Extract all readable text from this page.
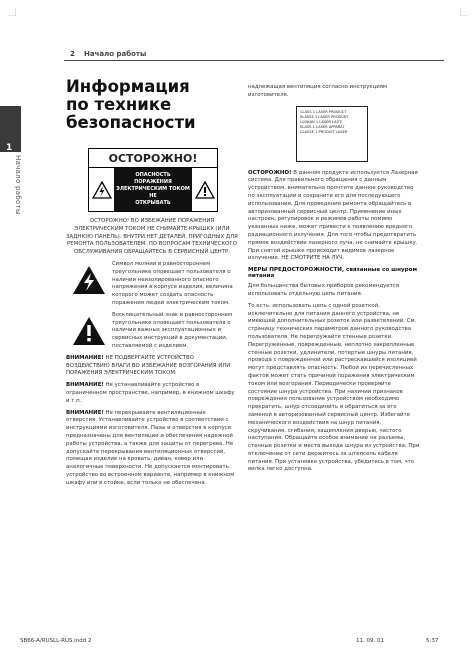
2 Начало работы
1
Начало работы
Информация
по технике
безопасности
ОСТОРОЖНО!
ОПАСНОСТЬ ПОРАЖЕНИЯ
ЭЛЕКТРИЧЕСКИМ ТОКОМ НЕ
ОТКРЫВАТЬ

ОСТОРОЖНО! ВО ИЗБЕЖАНИЕ ПОРАЖЕНИЯ ЭЛЕКТРИЧЕСКИМ ТОКОМ НЕ СНИМАЙТЕ КРЫШКУ (ИЛИ ЗАДНЮЮ ПАНЕЛЬ). ВНУТРИ НЕТ ДЕТАЛЕЙ, ПРИГОДНЫХ ДЛЯ РЕМОНТА ПОЛЬЗОВАТЕЛЕМ. ПО ВОПРОСАМ ТЕХНИЧЕСКОГО ОБСЛУЖИВАНИЯ ОБРАЩАЙТЕСЬ В СЕРВИСНЫЙ ЦЕНТР.

Символ молнии в равностороннем треугольнике оповещает пользователя о наличии неизолированного опасного напряжения в корпусе изделия, величина которого может создать опасность поражения людей электрическим током.
Восклицательный знак в равностороннем треугольнике оповещает пользователя о наличии важных эксплуатационных и сервисных инструкций в документации, поставляемой с изделием.

ВНИМАНИЕ! НЕ ПОДВЕРГАЙТЕ УСТРОЙСТВО ВОЗДЕЙСТВИЮ ВЛАГИ ВО ИЗБЕЖАНИЕ ВОЗГОРАНИЯ ИЛИ ПОРАЖЕНИЯ ЭЛЕКТРИЧЕСКИМ ТОКОМ.

ВНИМАНИЕ! Не устанавливайте устройство в ограниченном пространстве, например, в книжном шкафу и т.п.

ВНИМАНИЕ! Не перекрывайте вентиляционные отверстия. Устанавливайте устройство в соответствии с инструкциями изготовителя. Пазы и отверстия в корпусе предназначены для вентиляции и обеспечения надежной работы устройства, а также для защиты от перегрева. Не допускайте перекрывания вентиляционных отверстий, помещая изделие на кровать, диван, ковер или аналогичные поверхности. Не допускается монтировать устройство во встроенном варианте, например в книжном шкафу или в стойке, если только не обеспечена

надлежащая вентиляция согласно инструкциям изготовителя.

CLASS 1 LASER PRODUCT
KLASSE 1 LASER PRODUKT
LUOKAN 1 LASER LAITE
KLASS 1 LASER APPARAT
CLASSE 1 PRODUIT LASER

ОСТОРОЖНО! В данном продукте используется Лазерная система. Для правильного обращения с данным устройством, внимательно прочтите данное руководство по эксплуатации и сохраните его для последующего использования. Для проведения ремонта обращайтесь в авторизованный сервисный центр. Применение иных настроек, регулировок и режимов работы помимо указанных ниже, может привести к появлению вредного радиационного излучения. Для того чтобы предотвратить прямое воздействие лазерного луча, не снимайте крышку. При снятой крышке происходит видимое лазерное излучение. НЕ СМОТРИТЕ НА ЛУЧ.

МЕРЫ ПРЕДОСТОРОЖНОСТИ, связанные со шнуром питания

Для большинства бытовых приборов рекомендуется использовать отдельную цепь питания.

То есть, использовать цепь с одной розеткой, исключительно для питания данного устройства, не имеющей дополнительных розеток или разветвлений. См. страницу технических параметров данного руководства пользователя. Не перегружайте стенные розетки. Перегруженные, поврежденные, неплотно закрепленные стенные розетки, удлинители, потертые шнуры питания, провода с поврежденной или растрескавшейся изоляцией могут представлять опасность. Любой из перечисленных фактов может стать причиной поражения электрическим током или возгорания. Периодически проверяйте состояние шнура устройства. При наличии признаков повреждения пользование устройством необходимо прекратить, шнур отсоединить и обратиться за его заменой в авторизованный сервисный центр. Избегайте механического воздействия на шнур питания, скручивания, сгибания, защемления дверью, частого наступания. Обращайте особое внимание на разъемы, стенные розетки и места выхода шнура из устройства. При отключении от сети держитесь за штепсель кабеля питания. При установке устройства, убедитесь в том, что вилка легко доступна.

SB66-A/RUSLL-RUS.indd 2	11. 09. 01	5:37
